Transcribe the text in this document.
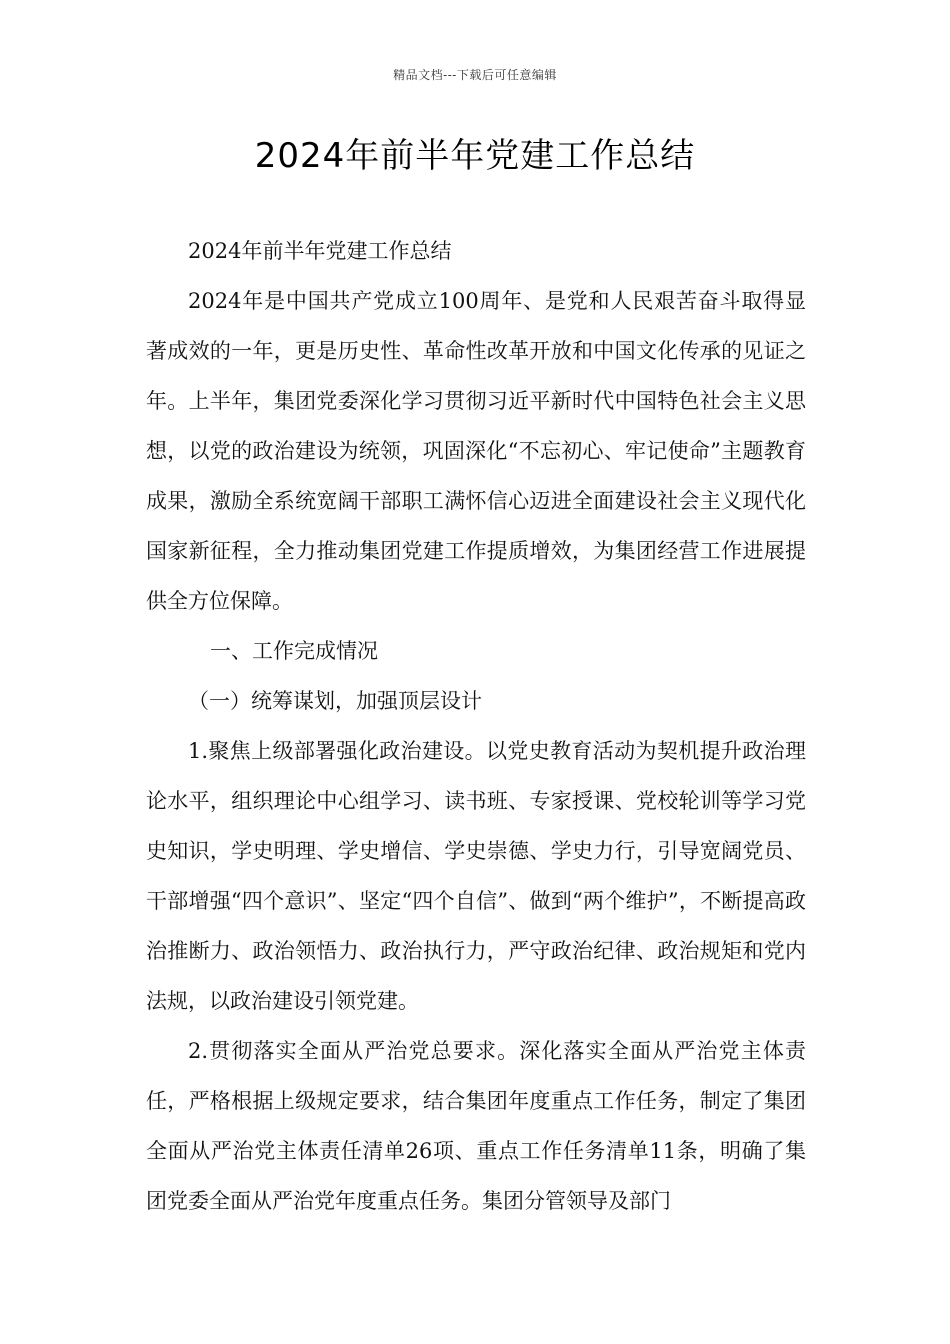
精品文档---下载后可任意编辑
2024年前半年党建工作总结

2024年前半年党建工作总结

2024年是中国共产党成立100周年、是党和人民艰苦奋斗取得显著成效的一年，更是历史性、革命性改革开放和中国文化传承的见证之年。上半年，集团党委深化学习贯彻习近平新时代中国特色社会主义思想，以党的政治建设为统领，巩固深化“不忘初心、牢记使命”主题教育成果，激励全系统宽阔干部职工满怀信心迈进全面建设社会主义现代化国家新征程，全力推动集团党建工作提质增效，为集团经营工作进展提供全方位保障。

一、工作完成情况

（一）统筹谋划，加强顶层设计

1.聚焦上级部署强化政治建设。以党史教育活动为契机提升政治理论水平，组织理论中心组学习、读书班、专家授课、党校轮训等学习党史知识，学史明理、学史增信、学史崇德、学史力行，引导宽阔党员、干部增强“四个意识”、坚定“四个自信”、做到“两个维护”，不断提高政治推断力、政治领悟力、政治执行力，严守政治纪律、政治规矩和党内法规，以政治建设引领党建。

2.贯彻落实全面从严治党总要求。深化落实全面从严治党主体责任，严格根据上级规定要求，结合集团年度重点工作任务，制定了集团全面从严治党主体责任清单26项、重点工作任务清单11条，明确了集团党委全面从严治党年度重点任务。集团分管领导及部门
